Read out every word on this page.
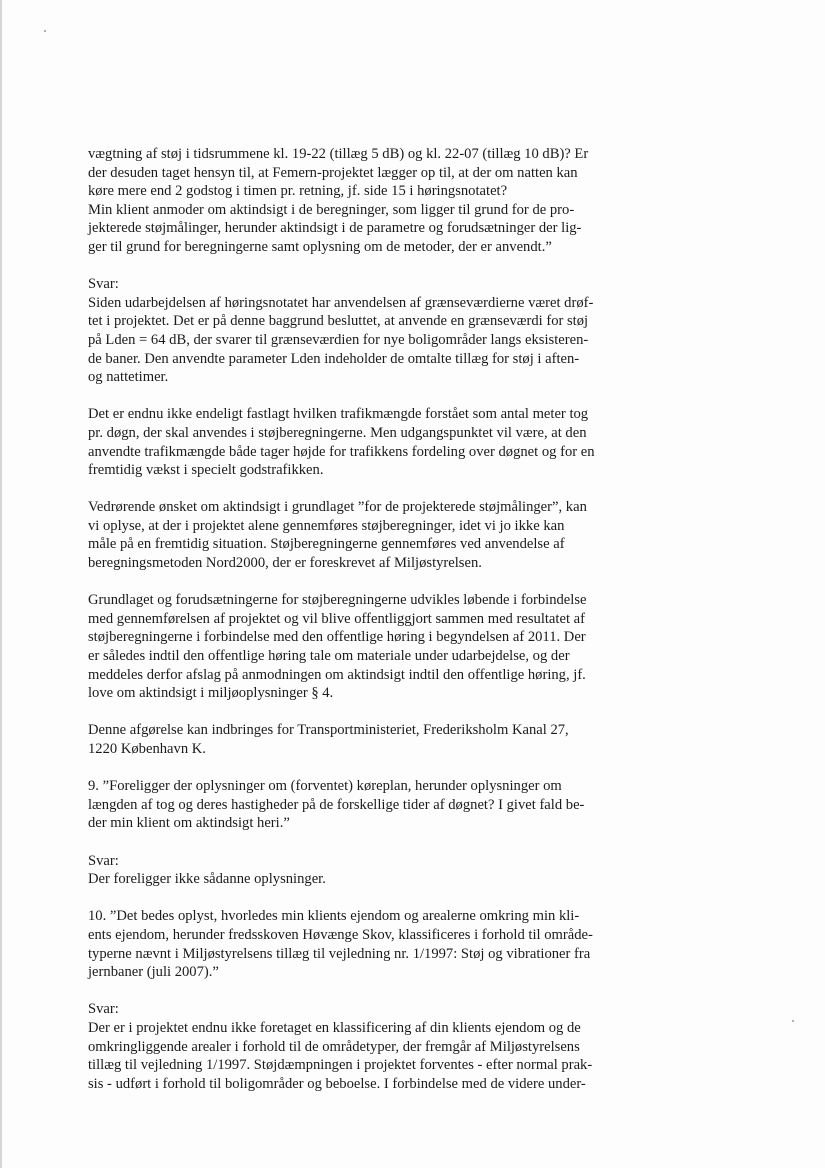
vægtning af støj i tidsrummene kl. 19-22 (tillæg 5 dB) og kl. 22-07 (tillæg 10 dB)? Er
der desuden taget hensyn til, at Femern-projektet lægger op til, at der om natten kan
køre mere end 2 godstog i timen pr. retning, jf. side 15 i høringsnotatet?
Min klient anmoder om aktindsigt i de beregninger, som ligger til grund for de pro-
jekterede støjmålinger, herunder aktindsigt i de parametre og forudsætninger der lig-
ger til grund for beregningerne samt oplysning om de metoder, der er anvendt.”

Svar:
Siden udarbejdelsen af høringsnotatet har anvendelsen af grænseværdierne været drøf-
tet i projektet. Det er på denne baggrund besluttet, at anvende en grænseværdi for støj
på Lden = 64 dB, der svarer til grænseværdien for nye boligområder langs eksisteren-
de baner. Den anvendte parameter Lden indeholder de omtalte tillæg for støj i aften-
og nattetimer.

Det er endnu ikke endeligt fastlagt hvilken trafikmængde forstået som antal meter tog
pr. døgn, der skal anvendes i støjberegningerne. Men udgangspunktet vil være, at den
anvendte trafikmængde både tager højde for trafikkens fordeling over døgnet og for en
fremtidig vækst i specielt godstrafikken.

Vedrørende ønsket om aktindsigt i grundlaget ”for de projekterede støjmålinger”, kan
vi oplyse, at der i projektet alene gennemføres støjberegninger, idet vi jo ikke kan
måle på en fremtidig situation. Støjberegningerne gennemføres ved anvendelse af
beregningsmetoden Nord2000, der er foreskrevet af Miljøstyrelsen.

Grundlaget og forudsætningerne for støjberegningerne udvikles løbende i forbindelse
med gennemførelsen af projektet og vil blive offentliggjort sammen med resultatet af
støjberegningerne i forbindelse med den offentlige høring i begyndelsen af 2011. Der
er således indtil den offentlige høring tale om materiale under udarbejdelse, og der
meddeles derfor afslag på anmodningen om aktindsigt indtil den offentlige høring, jf.
love om aktindsigt i miljøoplysninger § 4.

Denne afgørelse kan indbringes for Transportministeriet, Frederiksholm Kanal 27,
1220 København K.

9. ”Foreligger der oplysninger om (forventet) køreplan, herunder oplysninger om
længden af tog og deres hastigheder på de forskellige tider af døgnet? I givet fald be-
der min klient om aktindsigt heri.”

Svar:
Der foreligger ikke sådanne oplysninger.

10. ”Det bedes oplyst, hvorledes min klients ejendom og arealerne omkring min kli-
ents ejendom, herunder fredsskoven Høvænge Skov, klassificeres i forhold til område-
typerne nævnt i Miljøstyrelsens tillæg til vejledning nr. 1/1997: Støj og vibrationer fra
jernbaner (juli 2007).”

Svar:
Der er i projektet endnu ikke foretaget en klassificering af din klients ejendom og de
omkringliggende arealer i forhold til de områdetyper, der fremgår af Miljøstyrelsens
tillæg til vejledning 1/1997. Støjdæmpningen i projektet forventes - efter normal prak-
sis - udført i forhold til boligområder og beboelse. I forbindelse med de videre under-
